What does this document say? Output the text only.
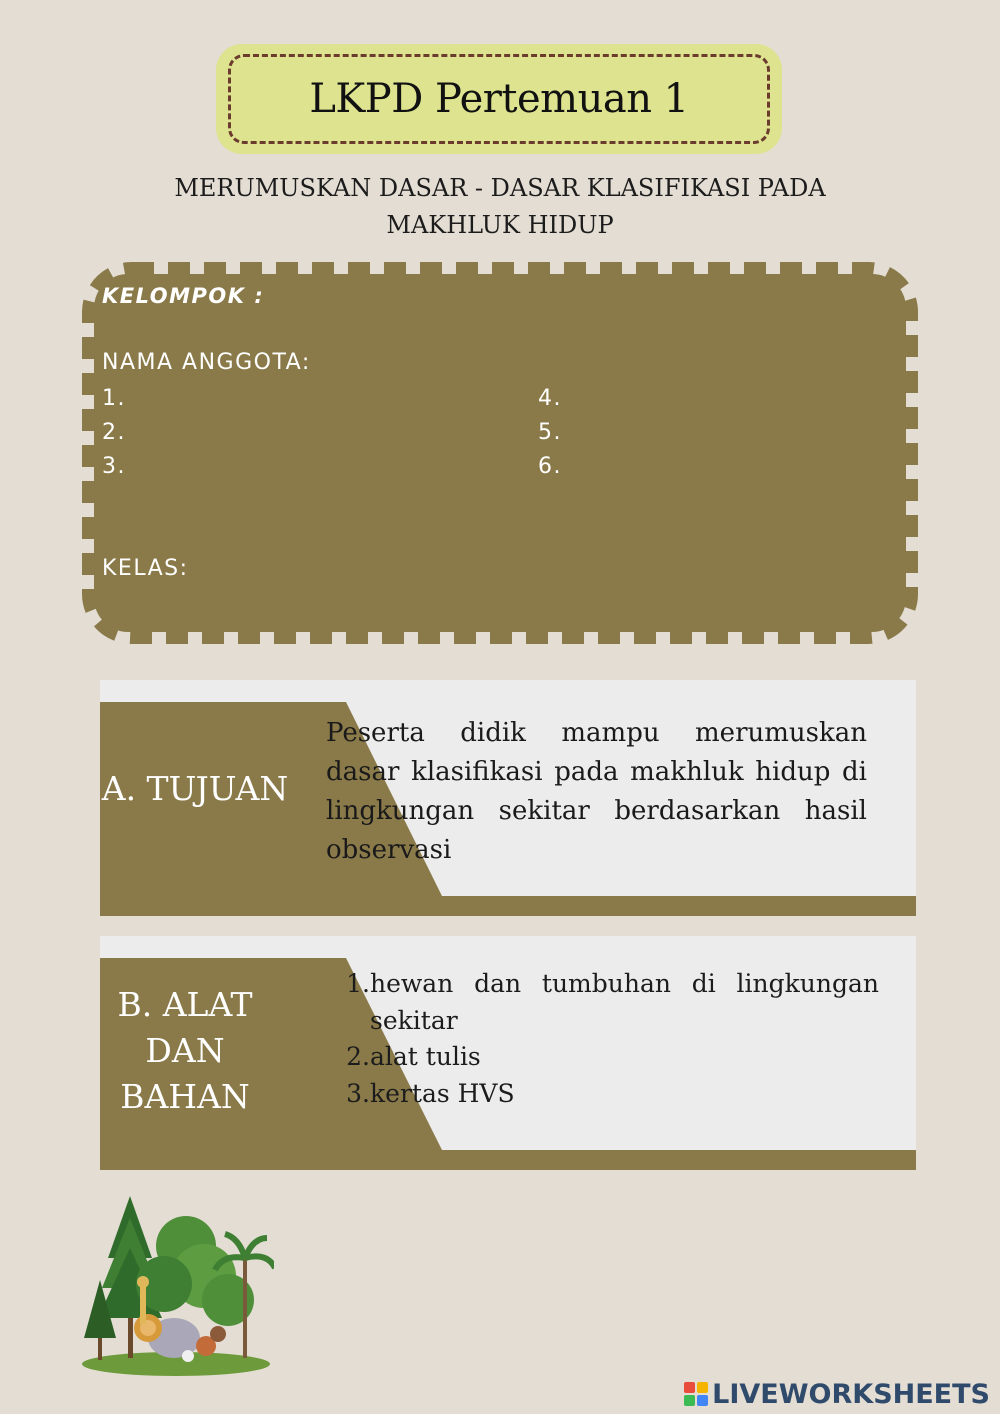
LKPD Pertemuan 1
MERUMUSKAN DASAR - DASAR KLASIFIKASI PADA
MAKHLUK HIDUP
KELOMPOK :
NAMA ANGGOTA:
1.
2.
3.
4.
5.
6.
KELAS:
A. TUJUAN
Peserta didik mampu merumuskan dasar klasifikasi pada makhluk hidup di lingkungan sekitar berdasarkan hasil observasi
B. ALAT
DAN
BAHAN
1. hewan dan tumbuhan di lingkungan sekitar
2. alat tulis
3. kertas HVS
LIVEWORKSHEETS
